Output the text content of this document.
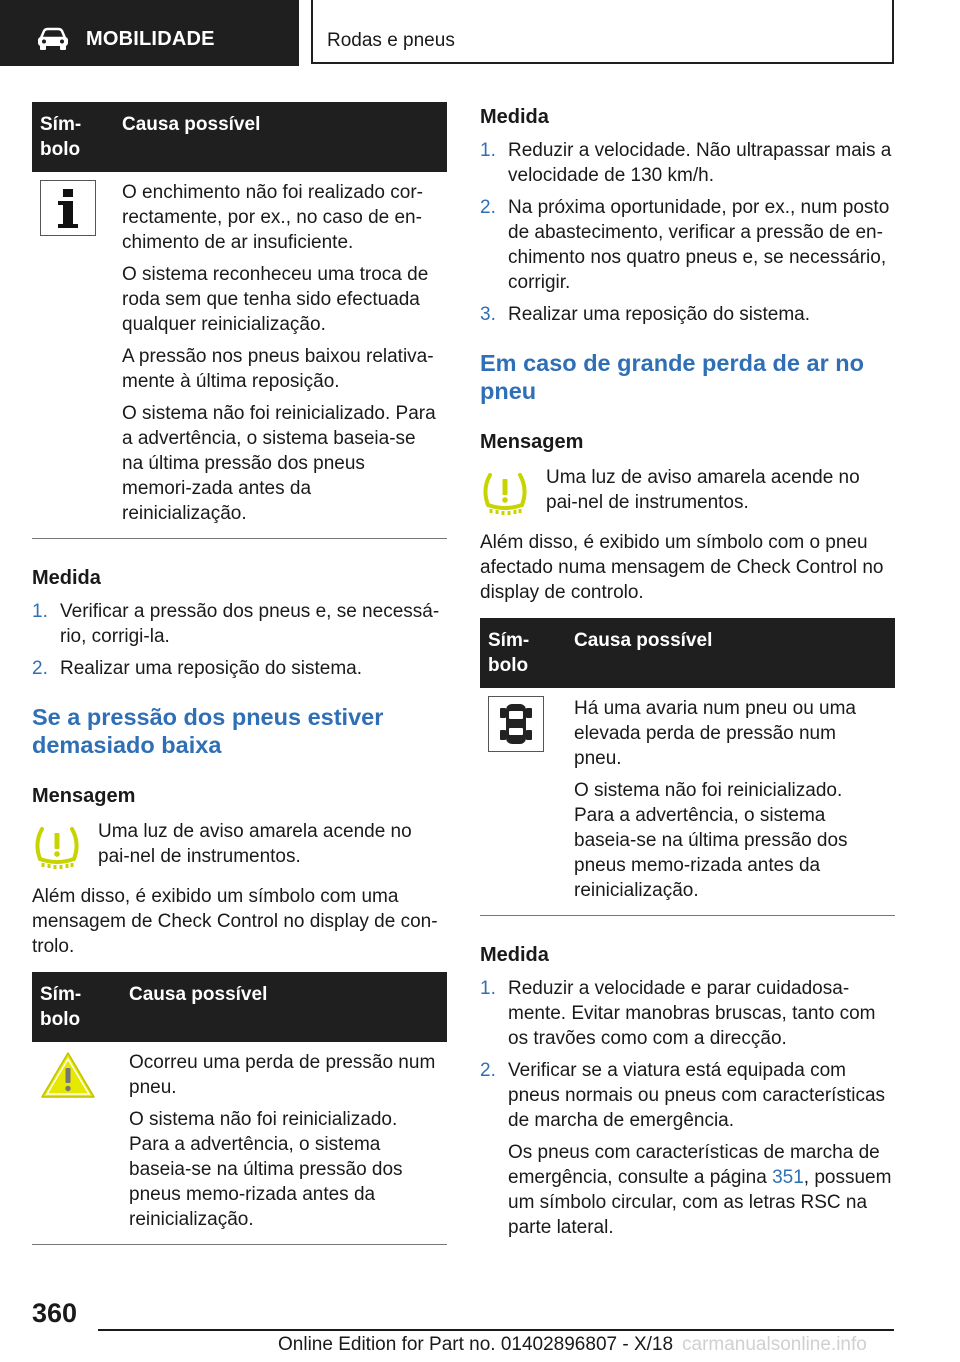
MOBILIDADE	Rodas e pneus
Sím-bolo	Causa possível

O enchimento não foi realizado cor-rectamente, por ex., no caso de en-chimento de ar insuficiente.

O sistema reconheceu uma troca de roda sem que tenha sido efectuada qualquer reinicialização.

A pressão nos pneus baixou relativa-mente à última reposição.

O sistema não foi reinicializado. Para a advertência, o sistema baseia-se na última pressão dos pneus memori-zada antes da reinicialização.

Medida
1. Verificar a pressão dos pneus e, se necessá-rio, corrigi-la.
2. Realizar uma reposição do sistema.
Se a pressão dos pneus estiver demasiado baixa
Mensagem
Uma luz de aviso amarela acende no pai-nel de instrumentos.

Além disso, é exibido um símbolo com uma mensagem de Check Control no display de con-trolo.

Sím-bolo	Causa possível

Ocorreu uma perda de pressão num pneu.

O sistema não foi reinicializado. Para a advertência, o sistema baseia-se na última pressão dos pneus memo-rizada antes da reinicialização.

Medida
1. Reduzir a velocidade. Não ultrapassar mais a velocidade de 130 km/h.
2. Na próxima oportunidade, por ex., num posto de abastecimento, verificar a pressão de en-chimento nos quatro pneus e, se necessário, corrigir.
3. Realizar uma reposição do sistema.
Em caso de grande perda de ar no pneu
Mensagem
Uma luz de aviso amarela acende no pai-nel de instrumentos.

Além disso, é exibido um símbolo com o pneu afectado numa mensagem de Check Control no display de controlo.

Sím-bolo	Causa possível

Há uma avaria num pneu ou uma elevada perda de pressão num pneu.

O sistema não foi reinicializado. Para a advertência, o sistema baseia-se na última pressão dos pneus memo-rizada antes da reinicialização.

Medida
1. Reduzir a velocidade e parar cuidadosa-mente. Evitar manobras bruscas, tanto com os travões como com a direcção.
2. Verificar se a viatura está equipada com pneus normais ou pneus com características de marcha de emergência.
Os pneus com características de marcha de emergência, consulte a página 351, possuem um símbolo circular, com as letras RSC na parte lateral.
360
Online Edition for Part no. 01402896807 - X/18 carmanualsonline.info
